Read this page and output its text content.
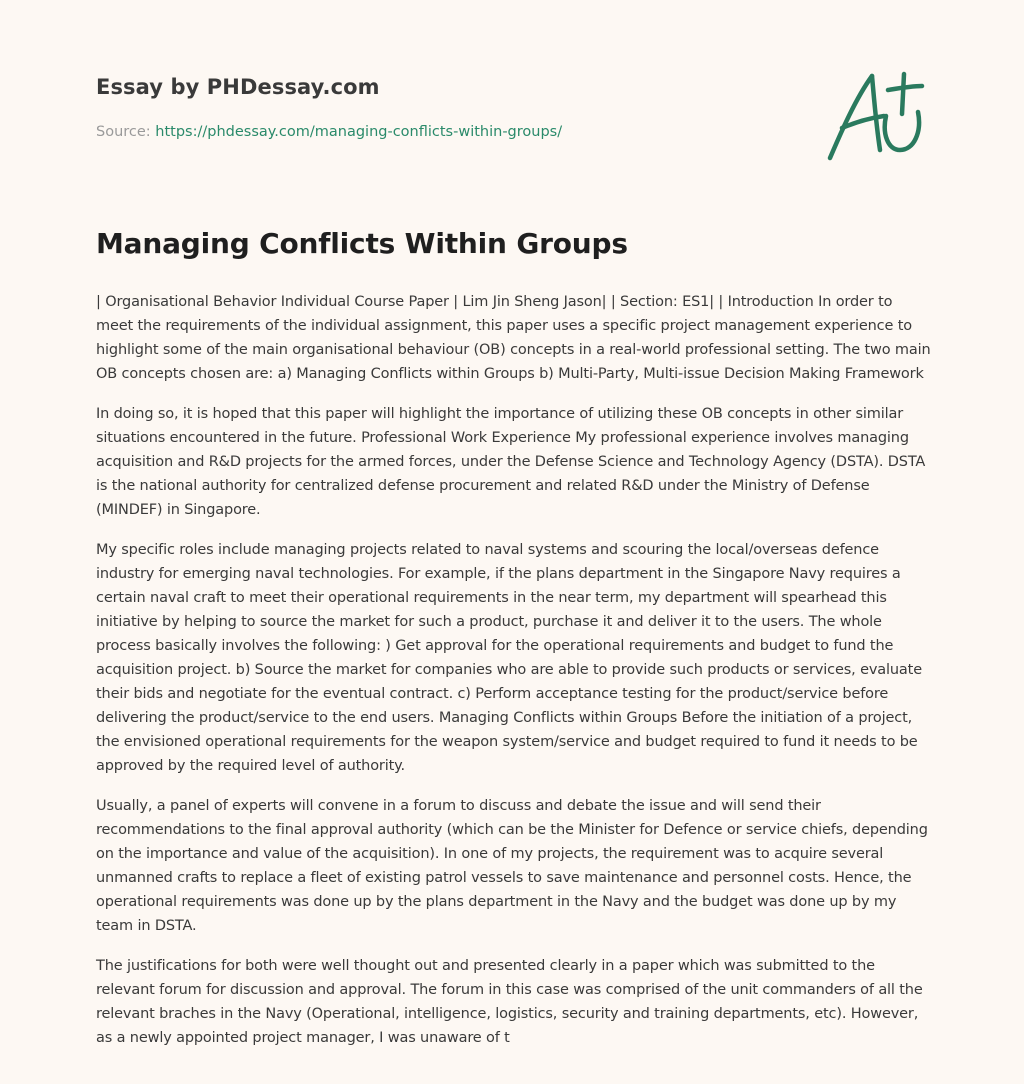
Essay by PHDessay.com
Source: https://phdessay.com/managing-conflicts-within-groups/
Managing Conflicts Within Groups

| Organisational Behavior Individual Course Paper | Lim Jin Sheng Jason| | Section: ES1| | Introduction In order to meet the requirements of the individual assignment, this paper uses a specific project management experience to highlight some of the main organisational behaviour (OB) concepts in a real-world professional setting. The two main OB concepts chosen are: a) Managing Conflicts within Groups b) Multi-Party, Multi-issue Decision Making Framework

In doing so, it is hoped that this paper will highlight the importance of utilizing these OB concepts in other similar situations encountered in the future. Professional Work Experience My professional experience involves managing acquisition and R&D projects for the armed forces, under the Defense Science and Technology Agency (DSTA). DSTA is the national authority for centralized defense procurement and related R&D under the Ministry of Defense (MINDEF) in Singapore.

My specific roles include managing projects related to naval systems and scouring the local/overseas defence industry for emerging naval technologies. For example, if the plans department in the Singapore Navy requires a certain naval craft to meet their operational requirements in the near term, my department will spearhead this initiative by helping to source the market for such a product, purchase it and deliver it to the users. The whole process basically involves the following: ) Get approval for the operational requirements and budget to fund the acquisition project. b) Source the market for companies who are able to provide such products or services, evaluate their bids and negotiate for the eventual contract. c) Perform acceptance testing for the product/service before delivering the product/service to the end users. Managing Conflicts within Groups Before the initiation of a project, the envisioned operational requirements for the weapon system/service and budget required to fund it needs to be approved by the required level of authority.

Usually, a panel of experts will convene in a forum to discuss and debate the issue and will send their recommendations to the final approval authority (which can be the Minister for Defence or service chiefs, depending on the importance and value of the acquisition). In one of my projects, the requirement was to acquire several unmanned crafts to replace a fleet of existing patrol vessels to save maintenance and personnel costs. Hence, the operational requirements was done up by the plans department in the Navy and the budget was done up by my team in DSTA.

The justifications for both were well thought out and presented clearly in a paper which was submitted to the relevant forum for discussion and approval. The forum in this case was comprised of the unit commanders of all the relevant braches in the Navy (Operational, intelligence, logistics, security and training departments, etc). However, as a newly appointed project manager, I was unaware of t
